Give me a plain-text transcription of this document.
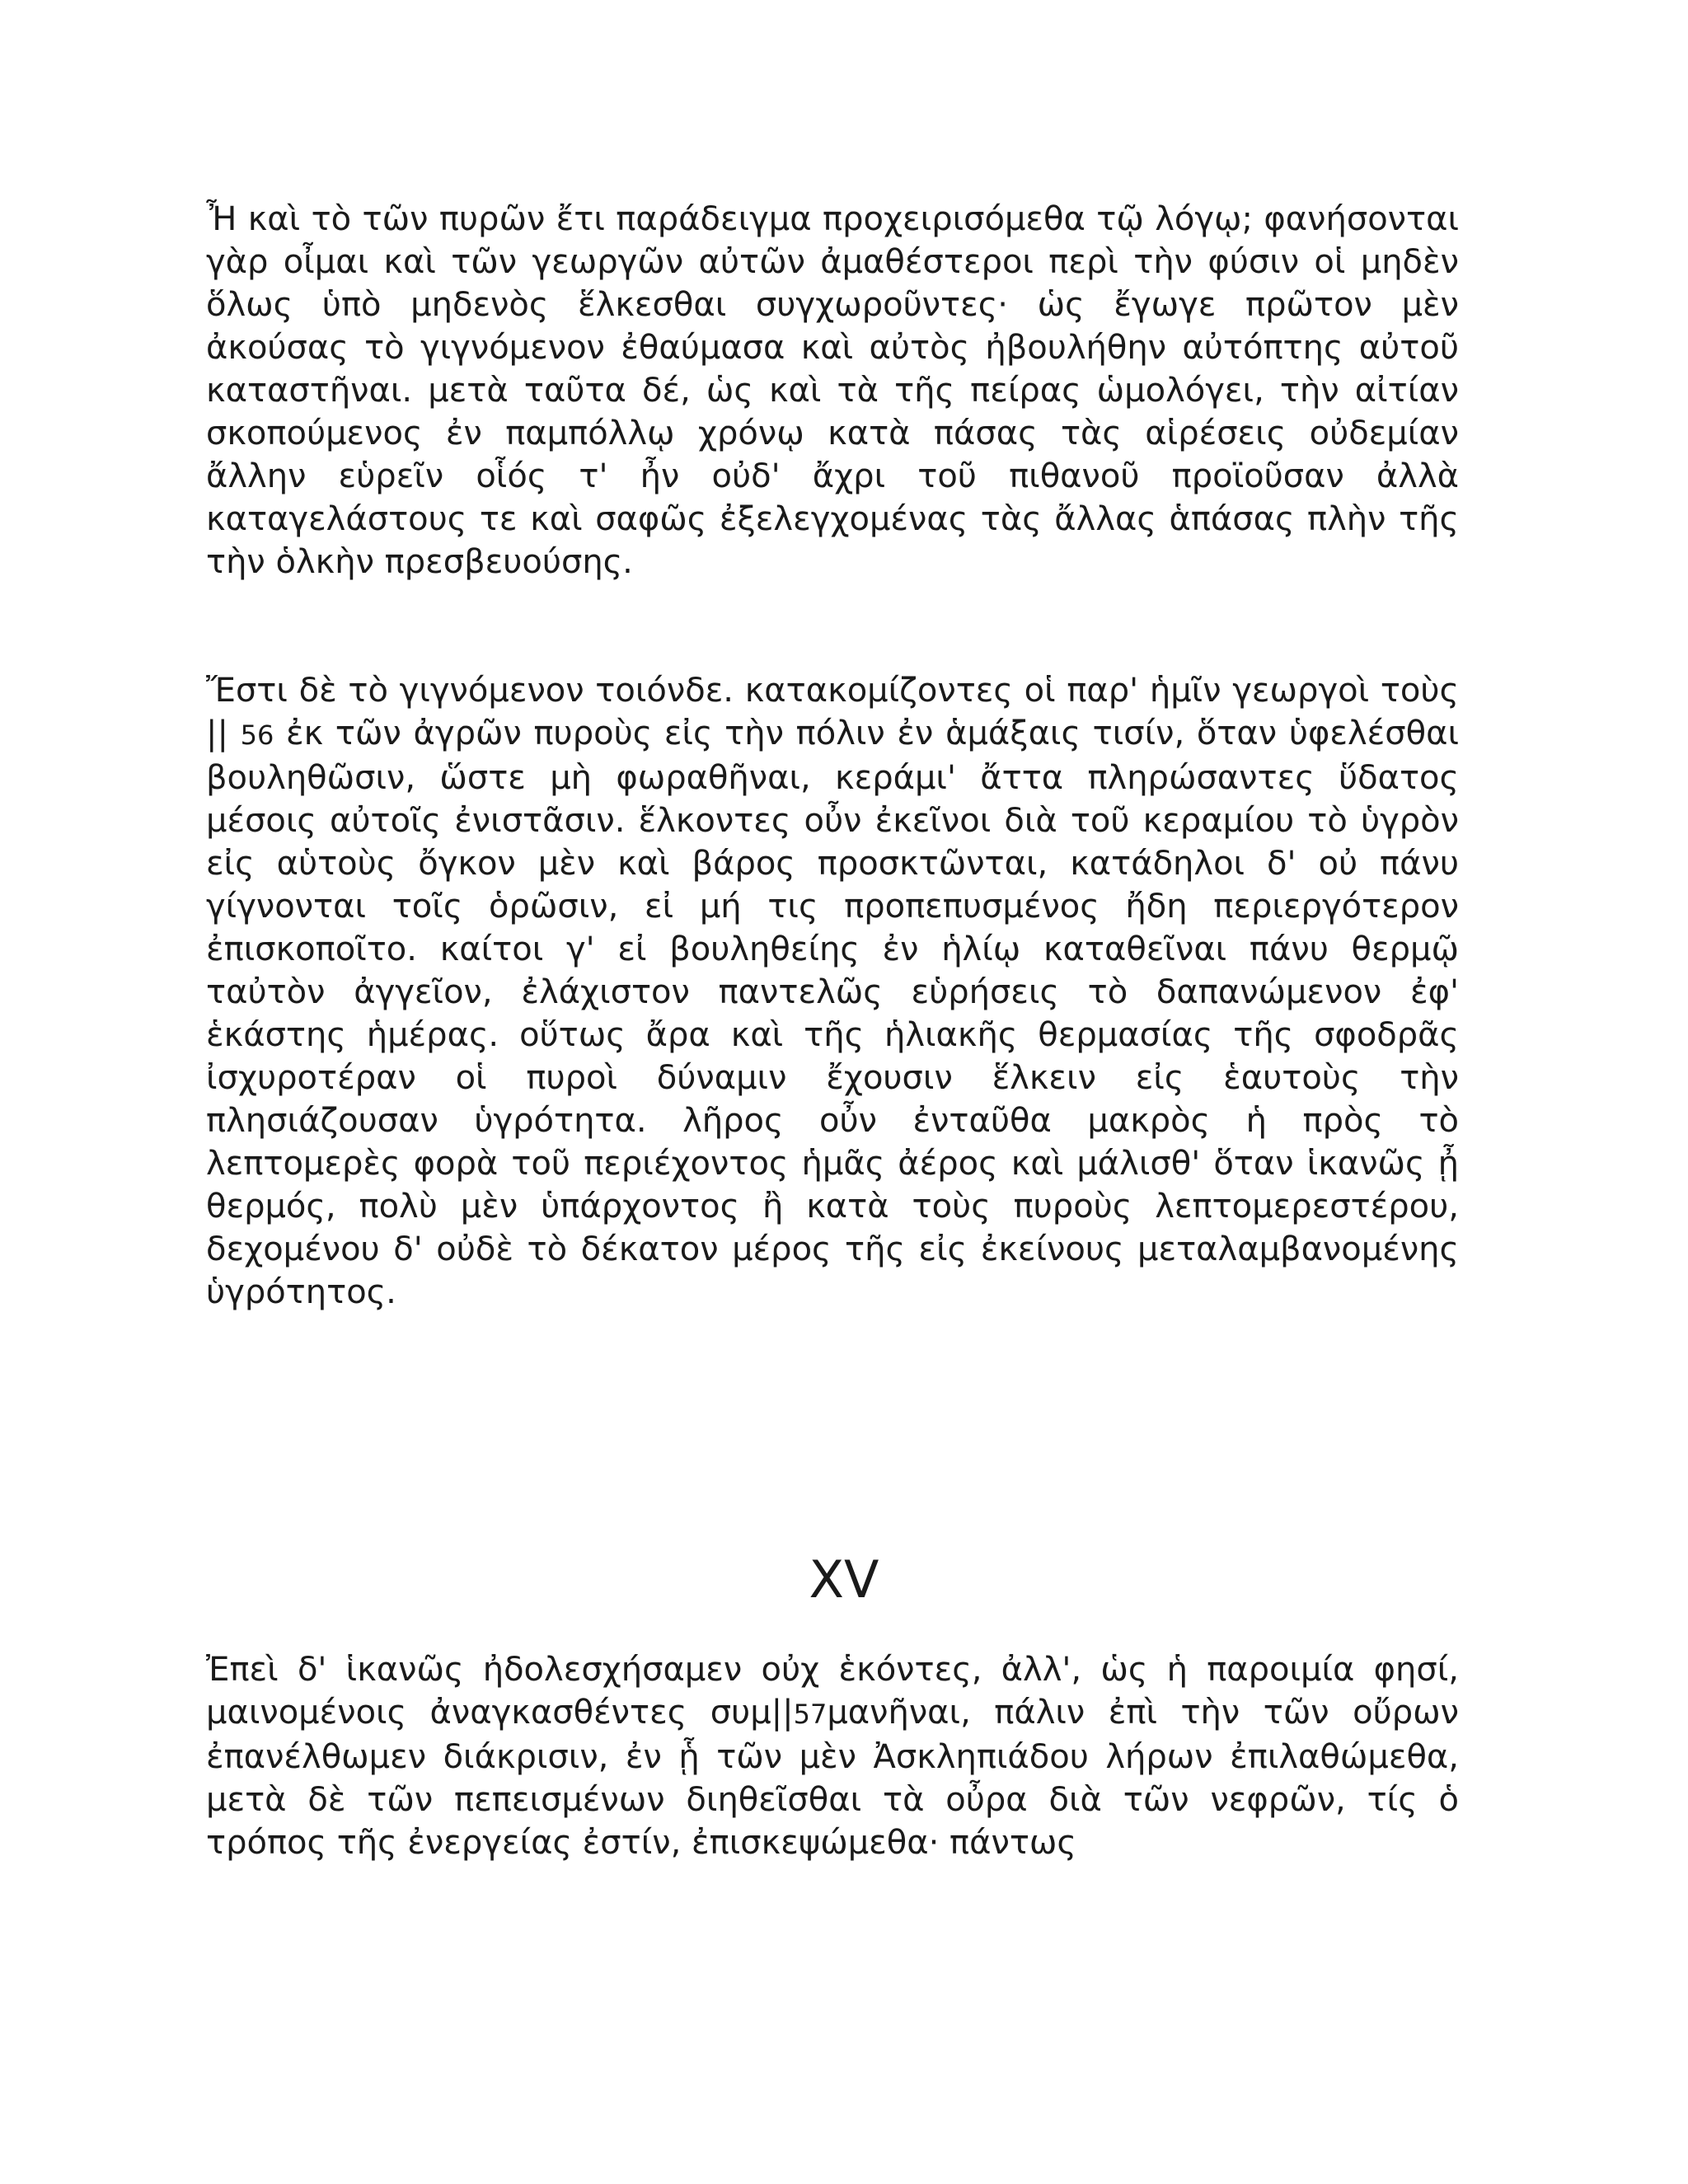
Ἦ καὶ τὸ τῶν πυρῶν ἔτι παράδειγμα προχειρισόμεθα τῷ λόγῳ; φανήσονται γὰρ οἶμαι καὶ τῶν γεωργῶν αὐτῶν ἀμαθέστεροι περὶ τὴν φύσιν οἱ μηδὲν ὅλως ὑπὸ μηδενὸς ἕλκεσθαι συγχωροῦντες· ὡς ἔγωγε πρῶτον μὲν ἀκούσας τὸ γιγνόμενον ἐθαύμασα καὶ αὐτὸς ἠβουλήθην αὐτόπτης αὐτοῦ καταστῆναι. μετὰ ταῦτα δέ, ὡς καὶ τὰ τῆς πείρας ὡμολόγει, τὴν αἰτίαν σκοπούμενος ἐν παμπόλλῳ χρόνῳ κατὰ πάσας τὰς αἱρέσεις οὐδεμίαν ἄλλην εὑρεῖν οἷός τ' ἦν οὐδ' ἄχρι τοῦ πιθανοῦ προϊοῦσαν ἀλλὰ καταγελάστους τε καὶ σαφῶς ἐξελεγχομένας τὰς ἄλλας ἁπάσας πλὴν τῆς τὴν ὁλκὴν πρεσβευούσης.

Ἔστι δὲ τὸ γιγνόμενον τοιόνδε. κατακομίζοντες οἱ παρ' ἡμῖν γεωργοὶ τοὺς || 56 ἐκ τῶν ἀγρῶν πυροὺς εἰς τὴν πόλιν ἐν ἁμάξαις τισίν, ὅταν ὑφελέσθαι βουληθῶσιν, ὥστε μὴ φωραθῆναι, κεράμι' ἄττα πληρώσαντες ὕδατος μέσοις αὐτοῖς ἐνιστᾶσιν. ἕλκοντες οὖν ἐκεῖνοι διὰ τοῦ κεραμίου τὸ ὑγρὸν εἰς αὑτοὺς ὄγκον μὲν καὶ βάρος προσκτῶνται, κατάδηλοι δ' οὐ πάνυ γίγνονται τοῖς ὁρῶσιν, εἰ μή τις προπεπυσμένος ἤδη περιεργότερον ἐπισκοποῖτο. καίτοι γ' εἰ βουληθείης ἐν ἡλίῳ καταθεῖναι πάνυ θερμῷ ταὐτὸν ἀγγεῖον, ἐλάχιστον παντελῶς εὑρήσεις τὸ δαπανώμενον ἐφ' ἑκάστης ἡμέρας. οὕτως ἄρα καὶ τῆς ἡλιακῆς θερμασίας τῆς σφοδρᾶς ἰσχυροτέραν οἱ πυροὶ δύναμιν ἔχουσιν ἕλκειν εἰς ἑαυτοὺς τὴν πλησιάζουσαν ὑγρότητα. λῆρος οὖν ἐνταῦθα μακρὸς ἡ πρὸς τὸ λεπτομερὲς φορὰ τοῦ περιέχοντος ἡμᾶς ἀέρος καὶ μάλισθ' ὅταν ἱκανῶς ᾖ θερμός, πολὺ μὲν ὑπάρχοντος ἢ κατὰ τοὺς πυροὺς λεπτομερεστέρου, δεχομένου δ' οὐδὲ τὸ δέκατον μέρος τῆς εἰς ἐκείνους μεταλαμβανομένης ὑγρότητος.

XV

Ἐπεὶ δ' ἱκανῶς ἠδολεσχήσαμεν οὐχ ἑκόντες, ἀλλ', ὡς ἡ παροιμία φησί, μαινομένοις ἀναγκασθέντες συμ||57μανῆναι, πάλιν ἐπὶ τὴν τῶν οὔρων ἐπανέλθωμεν διάκρισιν, ἐν ᾗ τῶν μὲν Ἀσκληπιάδου λήρων ἐπιλαθώμεθα, μετὰ δὲ τῶν πεπεισμένων διηθεῖσθαι τὰ οὖρα διὰ τῶν νεφρῶν, τίς ὁ τρόπος τῆς ἐνεργείας ἐστίν, ἐπισκεψώμεθα· πάντως
